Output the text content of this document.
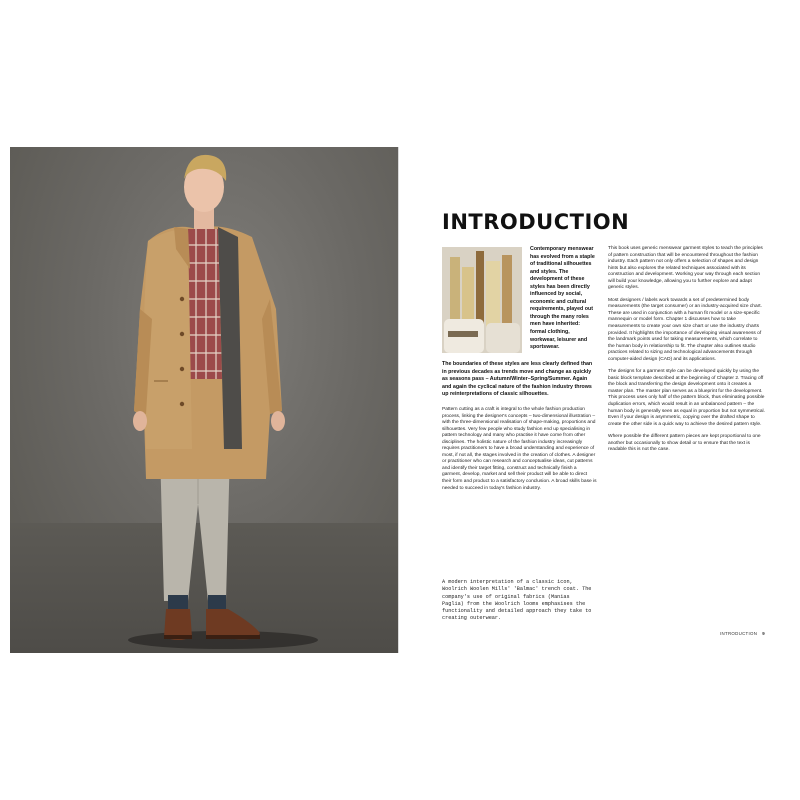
INTRODUCTION

Contemporary menswear has evolved from a staple of traditional silhouettes and styles. The development of these styles has been directly influenced by social, economic and cultural requirements, played out through the many roles men have inherited: formal clothing, workwear, leisurer and sportswear.

The boundaries of these styles are less clearly defined than in previous decades as trends move and change as quickly as seasons pass – Autumn/Winter–Spring/Summer. Again and again the cyclical nature of the fashion industry throws up reinterpretations of classic silhouettes.

Pattern cutting as a craft is integral to the whole fashion production process, linking the designer's concepts – two-dimensional illustration – with the three-dimensional realisation of shape-making, proportions and silhouettes. Very few people who study fashion end up specialising in pattern technology and many who practise it have come from other disciplines. The holistic nature of the fashion industry increasingly requires practitioners to have a broad understanding and experience of most, if not all, the stages involved in the creation of clothes. A designer or practitioner who can research and conceptualise ideas, cut patterns and identify their target fitting, construct and technically finish a garment, develop, market and sell their product will be able to direct their form and product to a satisfactory conclusion. A broad skills base is needed to succeed in today's fashion industry.

This book uses generic menswear garment styles to teach the principles of pattern construction that will be encountered throughout the fashion industry. Each pattern not only offers a selection of shapes and design hints but also explores the related techniques associated with its construction and development. Working your way through each section will build your knowledge, allowing you to further explore and adapt generic styles.

Most designers / labels work towards a set of predetermined body measurements (the target consumer) or an industry-acquired size chart. These are used in conjunction with a human fit model or a size-specific mannequin or model form. Chapter 1 discusses how to take measurements to create your own size chart or use the industry charts provided. It highlights the importance of developing visual awareness of the landmark points used for taking measurements, which correlate to the human body in relationship to fit. The chapter also outlines studio practices related to sizing and technological advancements through computer-aided design (CAD) and its applications.

The designs for a garment style can be developed quickly by using the basic block template described at the beginning of Chapter 2. Tracing off the block and transferring the design development onto it creates a master plan. The master plan serves as a blueprint for the development. This process uses only half of the pattern block, thus eliminating possible duplication errors, which would result in an unbalanced pattern – the human body is generally seen as equal in proportion but not symmetrical. Even if your design is asymmetric, copying over the drafted shape to create the other side is a quick way to achieve the desired pattern style.

Where possible the different pattern pieces are kept proportional to one another but occasionally to show detail or to ensure that the text is readable this is not the case.

A modern interpretation of a classic icon, Woolrich Woolen Mills' 'Balmac' trench coat. The company's use of original fabrics (Manias Paglia) from the Woolrich looms emphasises the functionality and detailed approach they take to creating outerwear.

INTRODUCTION 9
